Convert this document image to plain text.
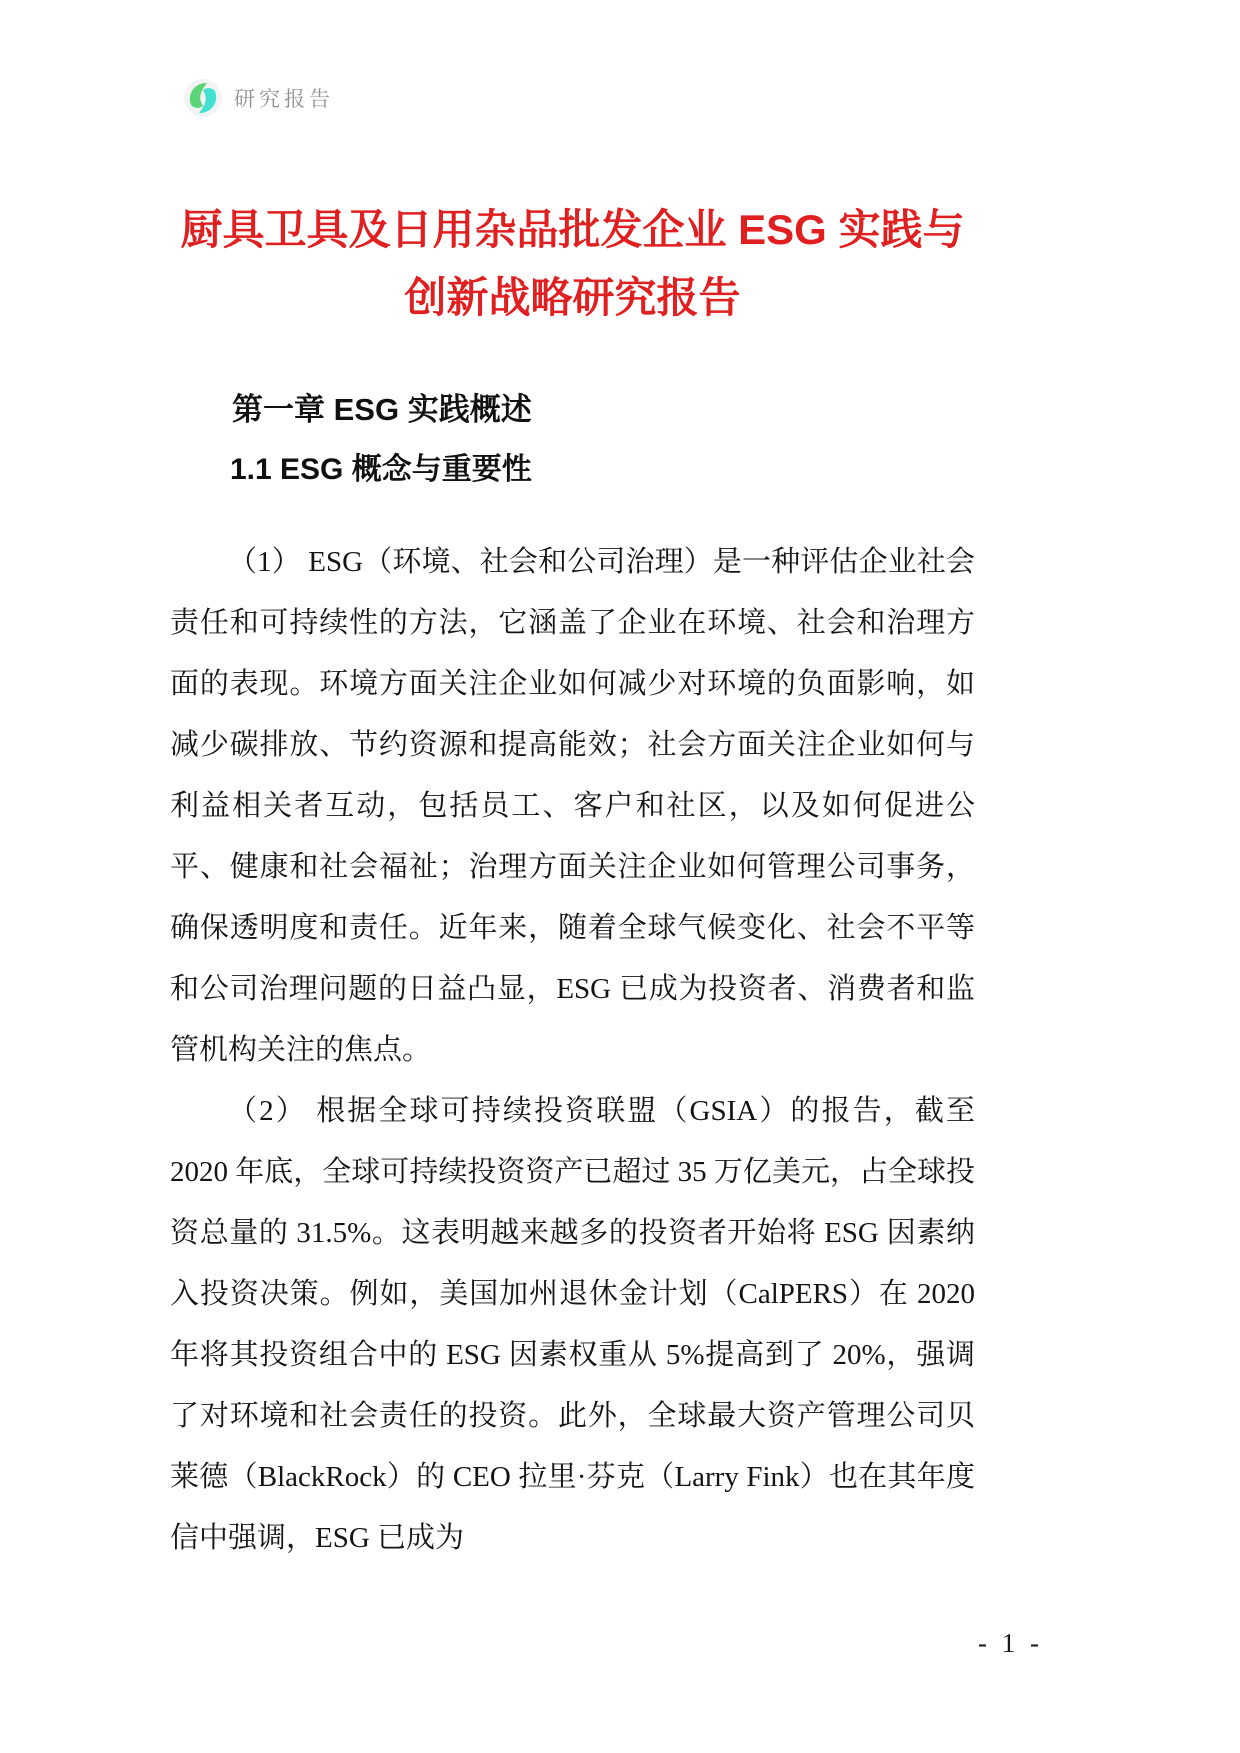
研究报告
厨具卫具及日用杂品批发企业 ESG 实践与
创新战略研究报告
第一章 ESG 实践概述
1.1 ESG 概念与重要性

（1） ESG（环境、社会和公司治理）是一种评估企业社会责任和可持续性的方法，它涵盖了企业在环境、社会和治理方面的表现。环境方面关注企业如何减少对环境的负面影响，如减少碳排放、节约资源和提高能效；社会方面关注企业如何与利益相关者互动，包括员工、客户和社区，以及如何促进公平、健康和社会福祉；治理方面关注企业如何管理公司事务，确保透明度和责任。近年来，随着全球气候变化、社会不平等和公司治理问题的日益凸显，ESG 已成为投资者、消费者和监管机构关注的焦点。

（2） 根据全球可持续投资联盟（GSIA）的报告，截至 2020 年底，全球可持续投资资产已超过 35 万亿美元，占全球投资总量的 31.5%。这表明越来越多的投资者开始将 ESG 因素纳入投资决策。例如，美国加州退休金计划（CalPERS）在 2020 年将其投资组合中的 ESG 因素权重从 5%提高到了 20%，强调了对环境和社会责任的投资。此外，全球最大资产管理公司贝莱德（BlackRock）的 CEO 拉里·芬克（Larry Fink）也在其年度信中强调，ESG 已成为

- 1 -
